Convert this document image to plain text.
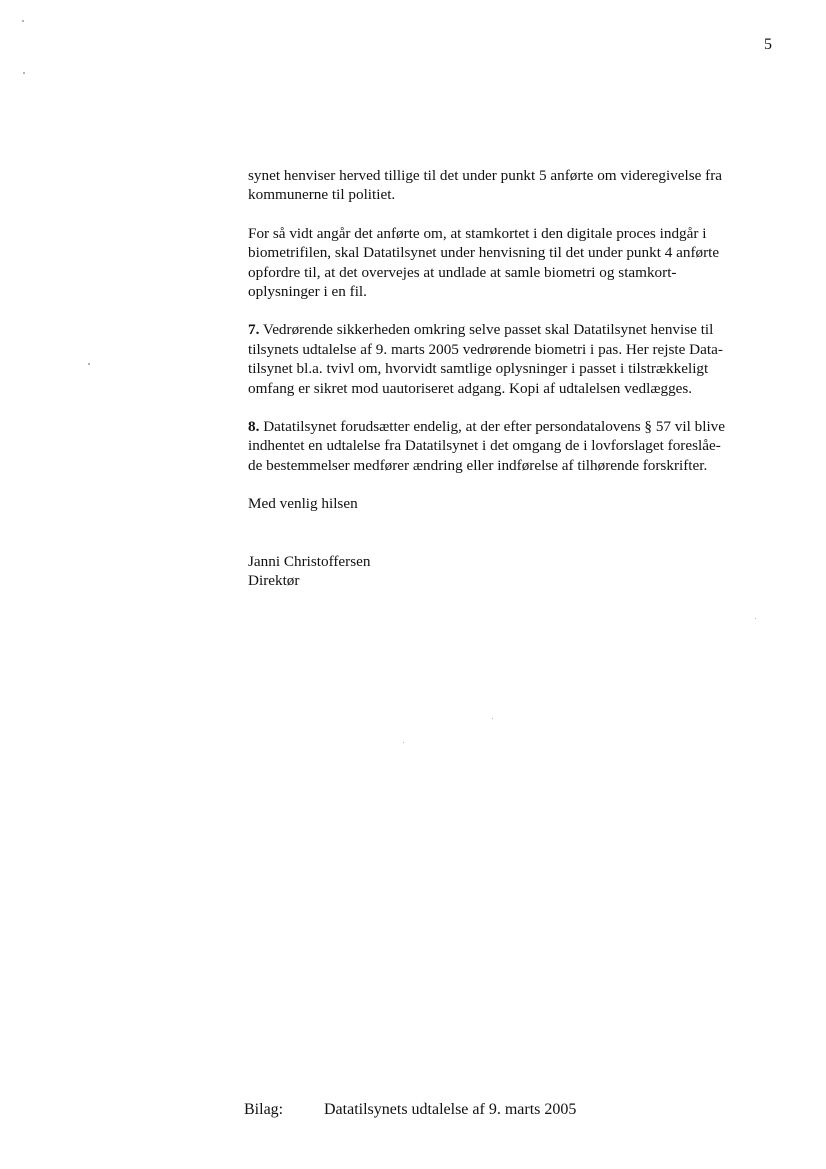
5

synet henviser herved tillige til det under punkt 5 anførte om videregivelse fra
kommunerne til politiet.

For så vidt angår det anførte om, at stamkortet i den digitale proces indgår i
biometrifilen, skal Datatilsynet under henvisning til det under punkt 4 anførte
opfordre til, at det overvejes at undlade at samle biometri og stamkort-
oplysninger i en fil.

7. Vedrørende sikkerheden omkring selve passet skal Datatilsynet henvise til
tilsynets udtalelse af 9. marts 2005 vedrørende biometri i pas. Her rejste Data-
tilsynet bl.a. tvivl om, hvorvidt samtlige oplysninger i passet i tilstrækkeligt
omfang er sikret mod uautoriseret adgang. Kopi af udtalelsen vedlægges.

8. Datatilsynet forudsætter endelig, at der efter persondatalovens § 57 vil blive
indhentet en udtalelse fra Datatilsynet i det omgang de i lovforslaget foreslåe-
de bestemmelser medfører ændring eller indførelse af tilhørende forskrifter.

Med venlig hilsen

Janni Christoffersen
Direktør

Bilag:	Datatilsynets udtalelse af 9. marts 2005
